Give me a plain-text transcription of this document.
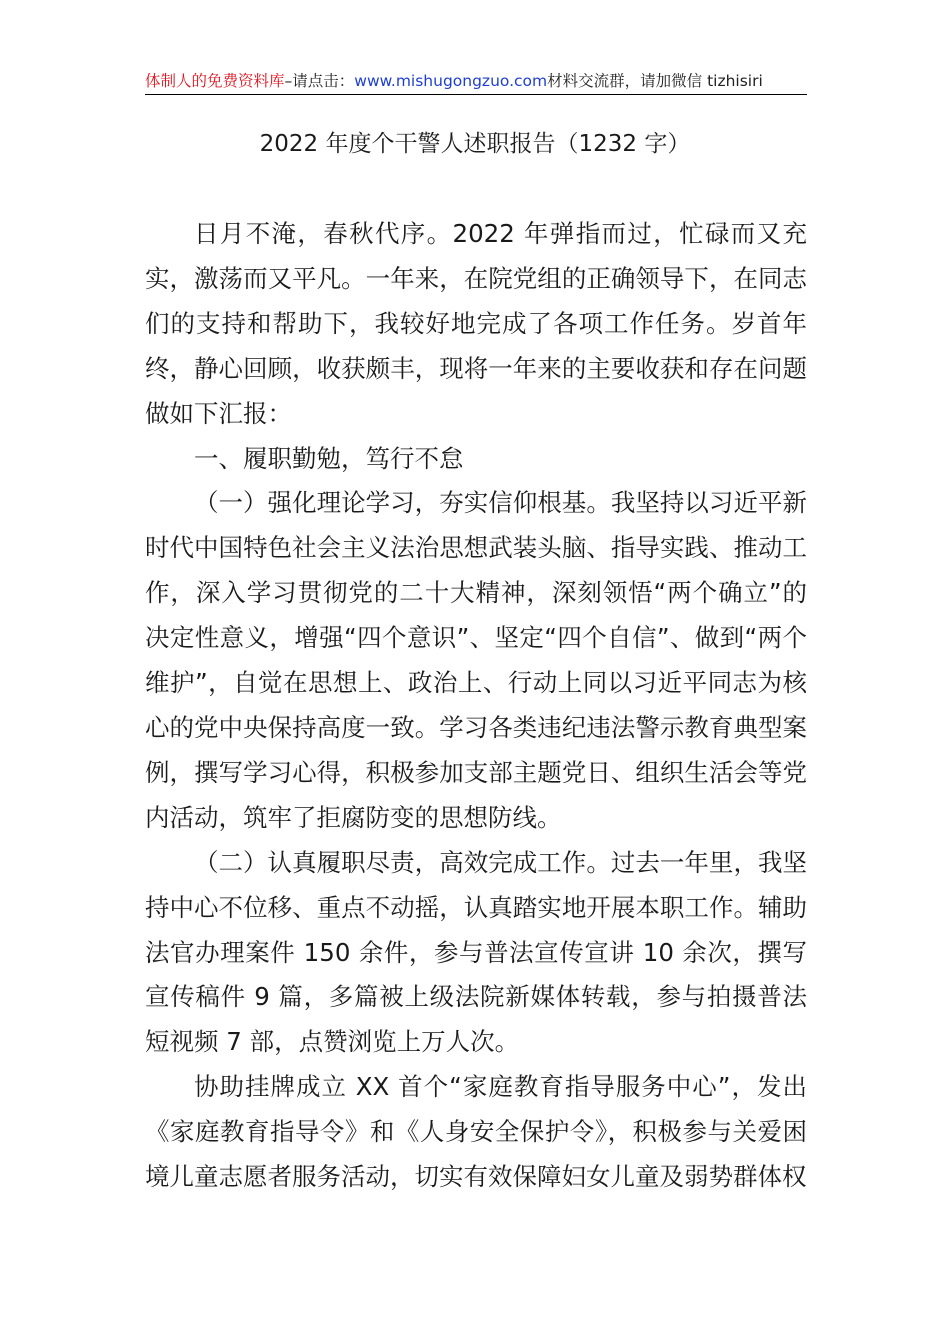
体制人的免费资料库–请点击：www.mishugongzuo.com材料交流群，请加微信 tizhisiri
2022 年度个干警人述职报告（1232 字）

日月不淹，春秋代序。2022 年弹指而过，忙碌而又充实，激荡而又平凡。一年来，在院党组的正确领导下，在同志们的支持和帮助下，我较好地完成了各项工作任务。岁首年终，静心回顾，收获颇丰，现将一年来的主要收获和存在问题做如下汇报：

一、履职勤勉，笃行不怠

（一）强化理论学习，夯实信仰根基。我坚持以习近平新时代中国特色社会主义法治思想武装头脑、指导实践、推动工作，深入学习贯彻党的二十大精神，深刻领悟“两个确立”的决定性意义，增强“四个意识”、坚定“四个自信”、做到“两个维护”，自觉在思想上、政治上、行动上同以习近平同志为核心的党中央保持高度一致。学习各类违纪违法警示教育典型案例，撰写学习心得，积极参加支部主题党日、组织生活会等党内活动，筑牢了拒腐防变的思想防线。

（二）认真履职尽责，高效完成工作。过去一年里，我坚持中心不位移、重点不动摇，认真踏实地开展本职工作。辅助法官办理案件 150 余件，参与普法宣传宣讲 10 余次，撰写宣传稿件 9 篇，多篇被上级法院新媒体转载，参与拍摄普法短视频 7 部，点赞浏览上万人次。

协助挂牌成立 XX 首个“家庭教育指导服务中心”，发出《家庭教育指导令》和《人身安全保护令》，积极参与关爱困境儿童志愿者服务活动，切实有效保障妇女儿童及弱势群体权
